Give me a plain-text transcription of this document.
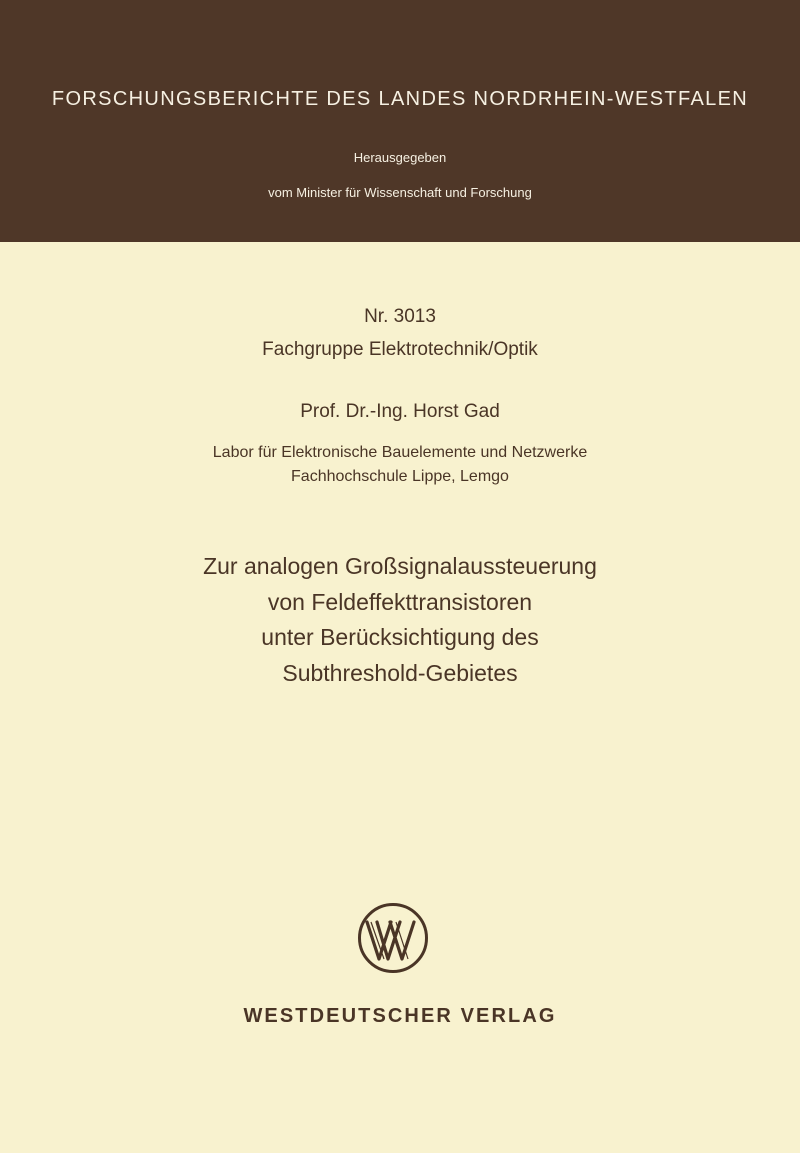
FORSCHUNGSBERICHTE DES LANDES NORDRHEIN-WESTFALEN
Herausgegeben
vom Minister für Wissenschaft und Forschung
Nr. 3013
Fachgruppe Elektrotechnik/Optik
Prof. Dr.-Ing. Horst Gad
Labor für Elektronische Bauelemente und Netzwerke
Fachhochschule Lippe, Lemgo
Zur analogen Großsignalaussteuerung
von Feldeffekttransistoren
unter Berücksichtigung des
Subthreshold-Gebietes
WESTDEUTSCHER VERLAG
